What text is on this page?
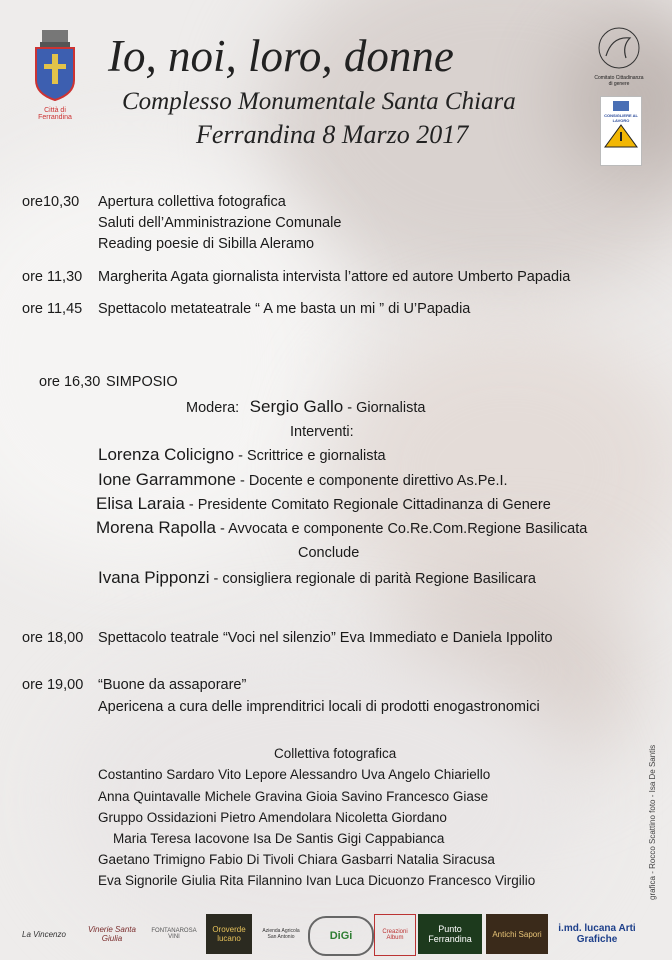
Città di Ferrandina
Io, noi, loro, donne
Complesso Monumentale Santa Chiara
Ferrandina 8 Marzo 2017
Comitato Cittadinanza di genere
CONSIGLIERE AL LAVORO
ore10,30 Apertura collettiva fotografica
Saluti dell’Amministrazione Comunale
Reading poesie di Sibilla Aleramo
ore 11,30 Margherita Agata giornalista intervista l’attore ed autore Umberto Papadia
ore 11,45 Spettacolo metateatrale “ A me basta un mi ” di U’Papadia
ore 16,30 SIMPOSIO
Modera: Sergio Gallo - Giornalista
Interventi:
Lorenza Colicigno - Scrittrice e giornalista
Ione Garrammone - Docente e componente direttivo As.Pe.I.
Elisa Laraia - Presidente Comitato Regionale Cittadinanza di Genere
Morena Rapolla - Avvocata e componente Co.Re.Com.Regione Basilicata
Conclude
Ivana Pipponzi - consigliera regionale di parità Regione Basilicara
ore 18,00 Spettacolo teatrale “Voci nel silenzio” Eva Immediato e Daniela Ippolito
ore 19,00 “Buone da assaporare”
Apericena a cura delle imprenditrici locali di prodotti enogastronomici
Collettiva fotografica
Costantino Sardaro Vito Lepore Alessandro Uva Angelo Chiariello
Anna Quintavalle Michele Gravina Gioia Savino Francesco Giase
Gruppo Ossidazioni Pietro Amendolara Nicoletta Giordano
Maria Teresa Iacovone Isa De Santis Gigi Cappabianca
Gaetano Trimigno Fabio Di Tivoli Chiara Gasbarri Natalia Siracusa
Eva Signorile Giulia Rita Filannino Ivan Luca Dicuonzo Francesco Virgilio	grafica - Rocco Scattino foto - Isa De Santis
La Vincenzo	Vinerie Santa Giulia
FONTANAROSA VINI
Oroverde lucano
Azienda Agricola San Antonio	DiGi	Creazioni Album
Punto Ferrandina	Antichi Sapori	i.md. lucana Arti Grafiche
